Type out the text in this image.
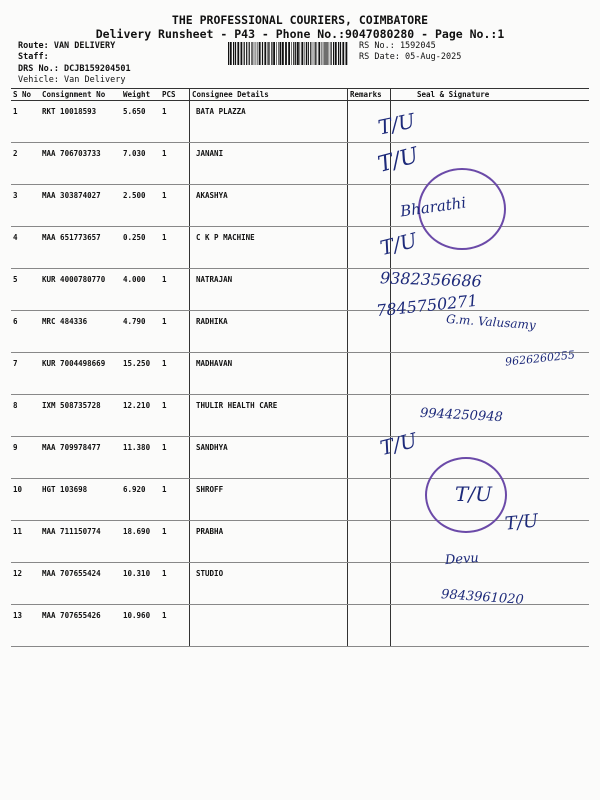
THE PROFESSIONAL COURIERS, COIMBATORE
Delivery Runsheet - P43 - Phone No.:9047080280 - Page No.:1
Route: VAN DELIVERY
Staff:
DRS No.: DCJB159204501
Vehicle: Van Delivery
RS No.: 1592045
RS Date: 05-Aug-2025
S No	Consignment No	Weight	PCS	Consignee Details	Remarks	Seal & Signature
1	RKT 10018593	5.650	1	BATA PLAZZA		
2	MAA 706703733	7.030	1	JANANI		
3	MAA 303874027	2.500	1	AKASHYA		
4	MAA 651773657	0.250	1	C K P MACHINE		
5	KUR 4000780770	4.000	1	NATRAJAN		
6	MRC 484336	4.790	1	RADHIKA		
7	KUR 7004498669	15.250	1	MADHAVAN		
8	IXM 508735728	12.210	1	THULIR HEALTH CARE		
9	MAA 709978477	11.380	1	SANDHYA		
10	HGT 103698	6.920	1	SHROFF		
11	MAA 711150774	18.690	1	PRABHA		
12	MAA 707655424	10.310	1	STUDIO		
13	MAA 707655426	10.960	1			
T/U
T/U
Bharathi
T/U
9382356686
7845750271
G.m. Valusamy
9626260255
9944250948
T/U
T/U
T/U
Devu
9843961020
